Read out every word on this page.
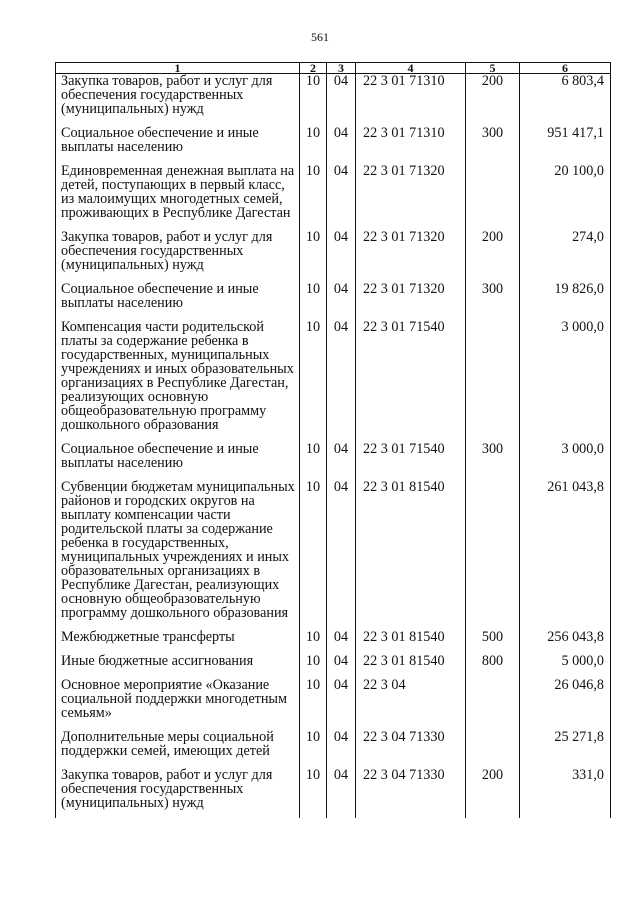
561
1	2	3	4	5	6
Закупка товаров, работ и услуг для обеспечения государственных (муниципальных) нужд	10	04	22 3 01 71310	200	6 803,4
Социальное обеспечение и иные выплаты населению	10	04	22 3 01 71310	300	951 417,1
Единовременная денежная выплата на детей, поступающих в первый класс, из малоимущих многодетных семей, проживающих в Республике Дагестан	10	04	22 3 01 71320		20 100,0
Закупка товаров, работ и услуг для обеспечения государственных (муниципальных) нужд	10	04	22 3 01 71320	200	274,0
Социальное обеспечение и иные выплаты населению	10	04	22 3 01 71320	300	19 826,0
Компенсация части родительской платы за содержание ребенка в государственных, муниципальных учреждениях и иных образовательных организациях в Республике Дагестан, реализующих основную общеобразовательную программу дошкольного образования	10	04	22 3 01 71540		3 000,0
Социальное обеспечение и иные выплаты населению	10	04	22 3 01 71540	300	3 000,0
Субвенции бюджетам муниципальных районов и городских округов на выплату компенсации части родительской платы за содержание ребенка в государственных, муниципальных учреждениях и иных образовательных организациях в Республике Дагестан, реализующих основную общеобразовательную программу дошкольного образования	10	04	22 3 01 81540		261 043,8
Межбюджетные трансферты	10	04	22 3 01 81540	500	256 043,8
Иные бюджетные ассигнования	10	04	22 3 01 81540	800	5 000,0
Основное мероприятие «Оказание социальной поддержки многодетным семьям»	10	04	22 3 04		26 046,8
Дополнительные меры социальной поддержки семей, имеющих детей	10	04	22 3 04 71330		25 271,8
Закупка товаров, работ и услуг для обеспечения государственных (муниципальных) нужд	10	04	22 3 04 71330	200	331,0
